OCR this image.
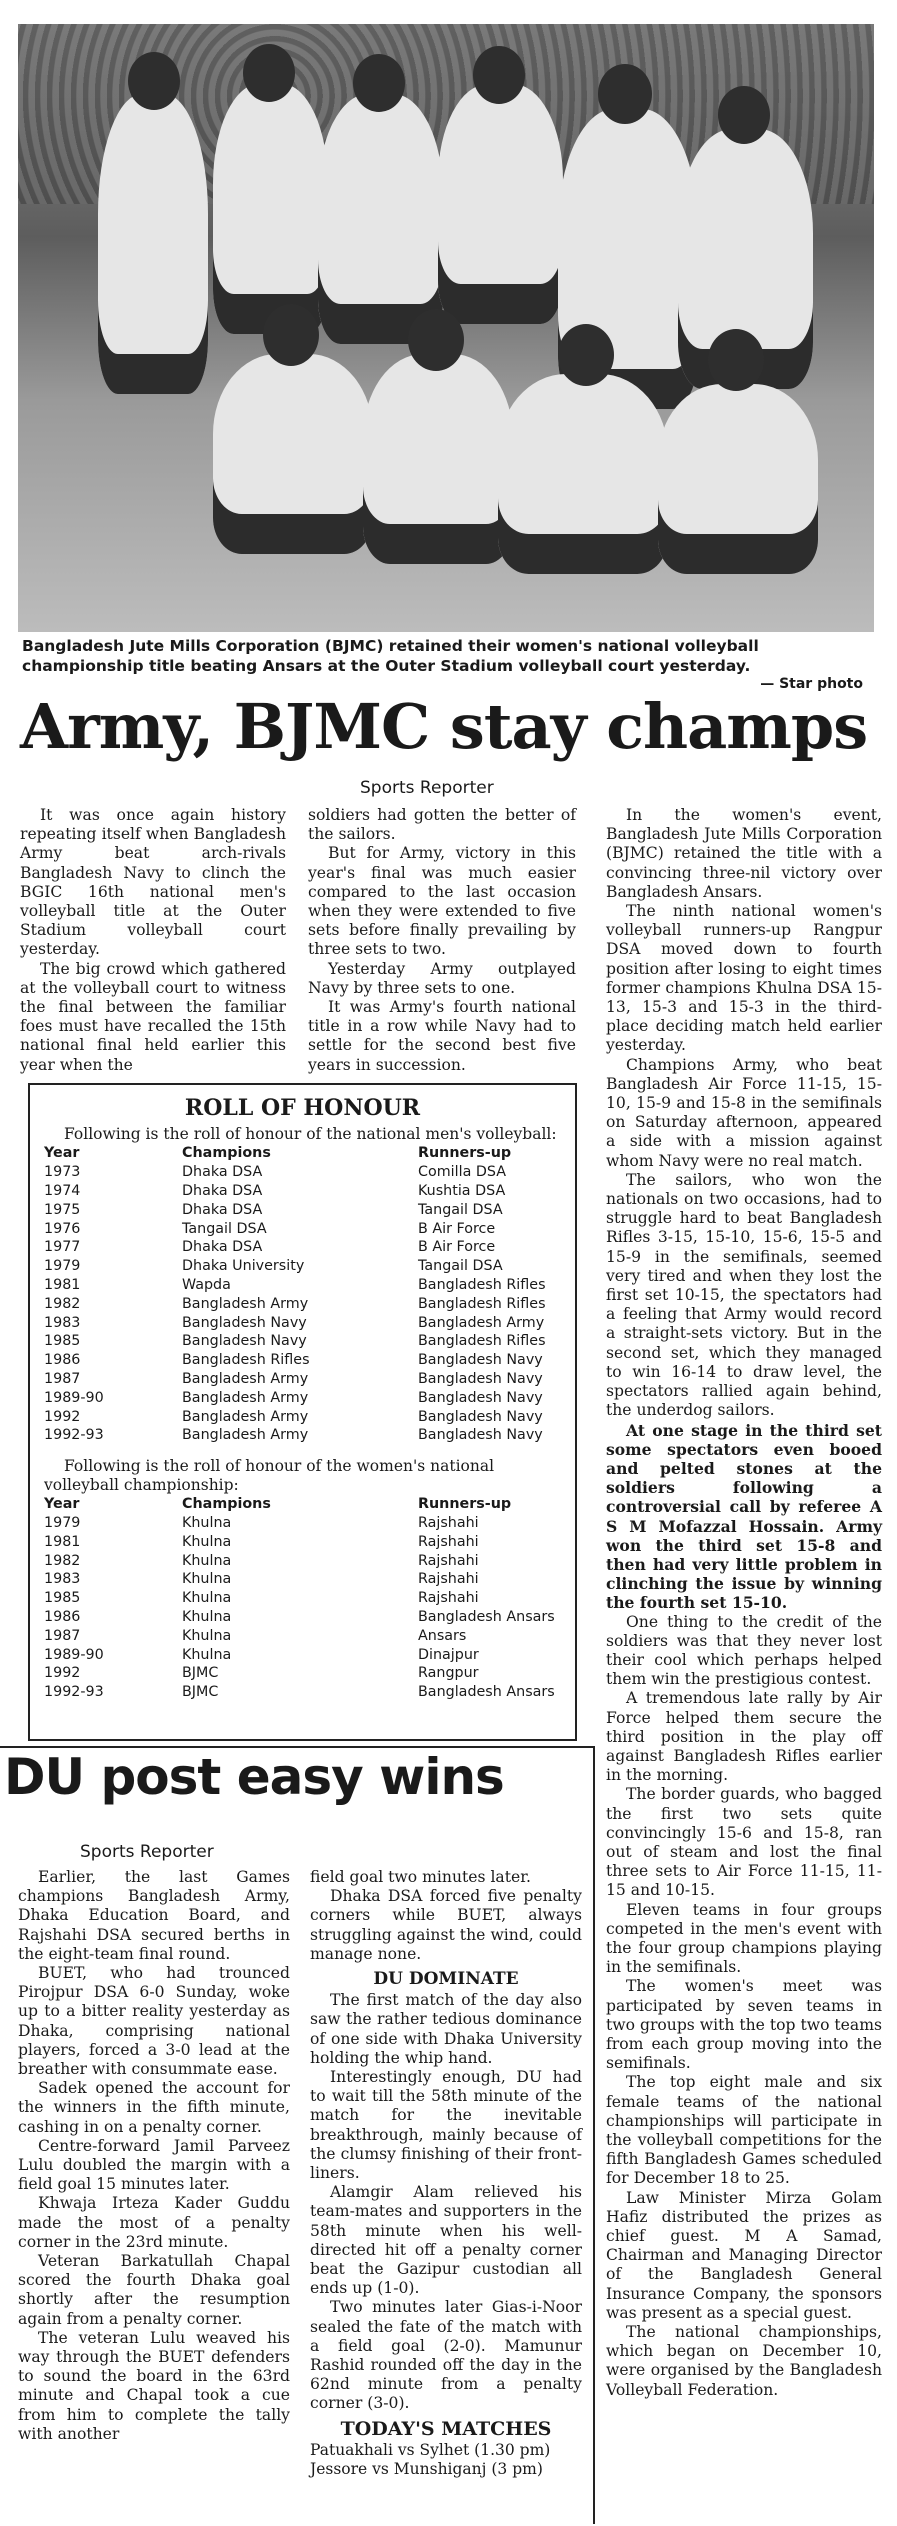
Bangladesh Jute Mills Corporation (BJMC) retained their women's national volleyball championship title beating Ansars at the Outer Stadium volleyball court yesterday.
— Star photo
Army, BJMC stay champs
Sports Reporter

It was once again history repeating itself when Bangladesh Army beat arch-rivals Bangladesh Navy to clinch the BGIC 16th national men's volleyball title at the Outer Stadium volleyball court yesterday.

The big crowd which gathered at the volleyball court to witness the final between the familiar foes must have recalled the 15th national final held earlier this year when the

soldiers had gotten the better of the sailors.

But for Army, victory in this year's final was much easier compared to the last occasion when they were extended to five sets before finally prevailing by three sets to two.

Yesterday Army outplayed Navy by three sets to one.

It was Army's fourth national title in a row while Navy had to settle for the second best five years in succession.

In the women's event, Bangladesh Jute Mills Corporation (BJMC) retained the title with a convincing three-nil victory over Bangladesh Ansars.

The ninth national women's volleyball runners-up Rangpur DSA moved down to fourth position after losing to eight times former champions Khulna DSA 15-13, 15-3 and 15-3 in the third-place deciding match held earlier yesterday.

Champions Army, who beat Bangladesh Air Force 11-15, 15-10, 15-9 and 15-8 in the semifinals on Saturday afternoon, appeared a side with a mission against whom Navy were no real match.

The sailors, who won the nationals on two occasions, had to struggle hard to beat Bangladesh Rifles 3-15, 15-10, 15-6, 15-5 and 15-9 in the semifinals, seemed very tired and when they lost the first set 10-15, the spectators had a feeling that Army would record a straight-sets victory. But in the second set, which they managed to win 16-14 to draw level, the spectators rallied again behind, the underdog sailors.

At one stage in the third set some spectators even booed and pelted stones at the soldiers following a controversial call by referee A S M Mofazzal Hossain. Army won the third set 15-8 and then had very little problem in clinching the issue by winning the fourth set 15-10.

One thing to the credit of the soldiers was that they never lost their cool which perhaps helped them win the prestigious contest.

A tremendous late rally by Air Force helped them secure the third position in the play off against Bangladesh Rifles earlier in the morning.

The border guards, who bagged the first two sets quite convincingly 15-6 and 15-8, ran out of steam and lost the final three sets to Air Force 11-15, 11-15 and 10-15.

Eleven teams in four groups competed in the men's event with the four group champions playing in the semifinals.

The women's meet was participated by seven teams in two groups with the top two teams from each group moving into the semifinals.

The top eight male and six female teams of the national championships will participate in the volleyball competitions for the fifth Bangladesh Games scheduled for December 18 to 25.

Law Minister Mirza Golam Hafiz distributed the prizes as chief guest. M A Samad, Chairman and Managing Director of the Bangladesh General Insurance Company, the sponsors was present as a special guest.

The national championships, which began on December 10, were organised by the Bangladesh Volleyball Federation.

ROLL OF HONOUR
Following is the roll of honour of the national men's volleyball:
Year	Champions	Runners-up
1973	Dhaka DSA	Comilla DSA
1974	Dhaka DSA	Kushtia DSA
1975	Dhaka DSA	Tangail DSA
1976	Tangail DSA	B Air Force
1977	Dhaka DSA	B Air Force
1979	Dhaka University	Tangail DSA
1981	Wapda	Bangladesh Rifles
1982	Bangladesh Army	Bangladesh Rifles
1983	Bangladesh Navy	Bangladesh Army
1985	Bangladesh Navy	Bangladesh Rifles
1986	Bangladesh Rifles	Bangladesh Navy
1987	Bangladesh Army	Bangladesh Navy
1989-90	Bangladesh Army	Bangladesh Navy
1992	Bangladesh Army	Bangladesh Navy
1992-93	Bangladesh Army	Bangladesh Navy
Following is the roll of honour of the women's national volleyball championship:
Year	Champions	Runners-up
1979	Khulna	Rajshahi
1981	Khulna	Rajshahi
1982	Khulna	Rajshahi
1983	Khulna	Rajshahi
1985	Khulna	Rajshahi
1986	Khulna	Bangladesh Ansars
1987	Khulna	Ansars
1989-90	Khulna	Dinajpur
1992	BJMC	Rangpur
1992-93	BJMC	Bangladesh Ansars
DU post easy wins
Sports Reporter

Earlier, the last Games champions Bangladesh Army, Dhaka Education Board, and Rajshahi DSA secured berths in the eight-team final round.

BUET, who had trounced Pirojpur DSA 6-0 Sunday, woke up to a bitter reality yesterday as Dhaka, comprising national players, forced a 3-0 lead at the breather with consummate ease.

Sadek opened the account for the winners in the fifth minute, cashing in on a penalty corner.

Centre-forward Jamil Parveez Lulu doubled the margin with a field goal 15 minutes later.

Khwaja Irteza Kader Guddu made the most of a penalty corner in the 23rd minute.

Veteran Barkatullah Chapal scored the fourth Dhaka goal shortly after the resumption again from a penalty corner.

The veteran Lulu weaved his way through the BUET defenders to sound the board in the 63rd minute and Chapal took a cue from him to complete the tally with another

field goal two minutes later.

Dhaka DSA forced five penalty corners while BUET, always struggling against the wind, could manage none.

DU DOMINATE

The first match of the day also saw the rather tedious dominance of one side with Dhaka University holding the whip hand.

Interestingly enough, DU had to wait till the 58th minute of the match for the inevitable breakthrough, mainly because of the clumsy finishing of their front-liners.

Alamgir Alam relieved his team-mates and supporters in the 58th minute when his well-directed hit off a penalty corner beat the Gazipur custodian all ends up (1-0).

Two minutes later Gias-i-Noor sealed the fate of the match with a field goal (2-0). Mamunur Rashid rounded off the day in the 62nd minute from a penalty corner (3-0).

TODAY'S MATCHES
Patuakhali vs Sylhet (1.30 pm)
Jessore vs Munshiganj (3 pm)
